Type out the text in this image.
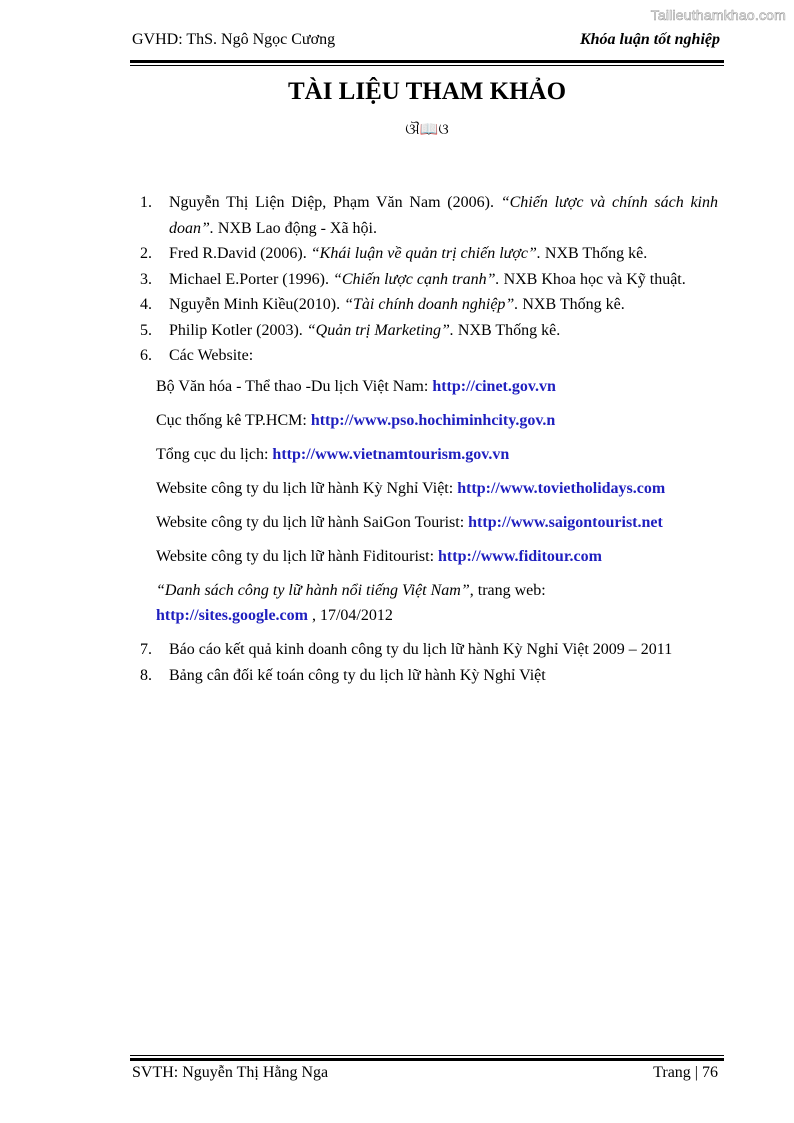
Tailieuthamkhao.com
GVHD: ThS. Ngô Ngọc Cương	Khóa luận tốt nghiệp
TÀI LIỆU THAM KHẢO
ଔ📖ଓ
1.	Nguyễn Thị Liện Diệp, Phạm Văn Nam (2006). “Chiến lược và chính sách kinh doan”. NXB Lao động - Xã hội.
2.	Fred R.David (2006). “Khái luận về quản trị chiến lược”. NXB Thống kê.
3.	Michael E.Porter (1996). “Chiến lược cạnh tranh”. NXB Khoa học và Kỹ thuật.
4.	Nguyễn Minh Kiều(2010). “Tài chính doanh nghiệp”. NXB Thống kê.
5.	Philip Kotler (2003). “Quản trị Marketing”. NXB Thống kê.
6.	Các Website:
Bộ Văn hóa - Thể thao -Du lịch Việt Nam: http://cinet.gov.vn
Cục thống kê TP.HCM: http://www.pso.hochiminhcity.gov.n
Tổng cục du lịch: http://www.vietnamtourism.gov.vn
Website công ty du lịch lữ hành Kỳ Nghỉ Việt: http://www.tovietholidays.com
Website công ty du lịch lữ hành SaiGon Tourist: http://www.saigontourist.net
Website công ty du lịch lữ hành Fiditourist: http://www.fiditour.com
“Danh sách công ty lữ hành nổi tiếng Việt Nam” , trang web:
http://sites.google.com , 17/04/2012
7.	Báo cáo kết quả kinh doanh công ty du lịch lữ hành Kỳ Nghỉ Việt 2009 – 2011
8.	Bảng cân đối kế toán công ty du lịch lữ hành Kỳ Nghỉ Việt
SVTH: Nguyễn Thị Hằng Nga	Trang | 76
